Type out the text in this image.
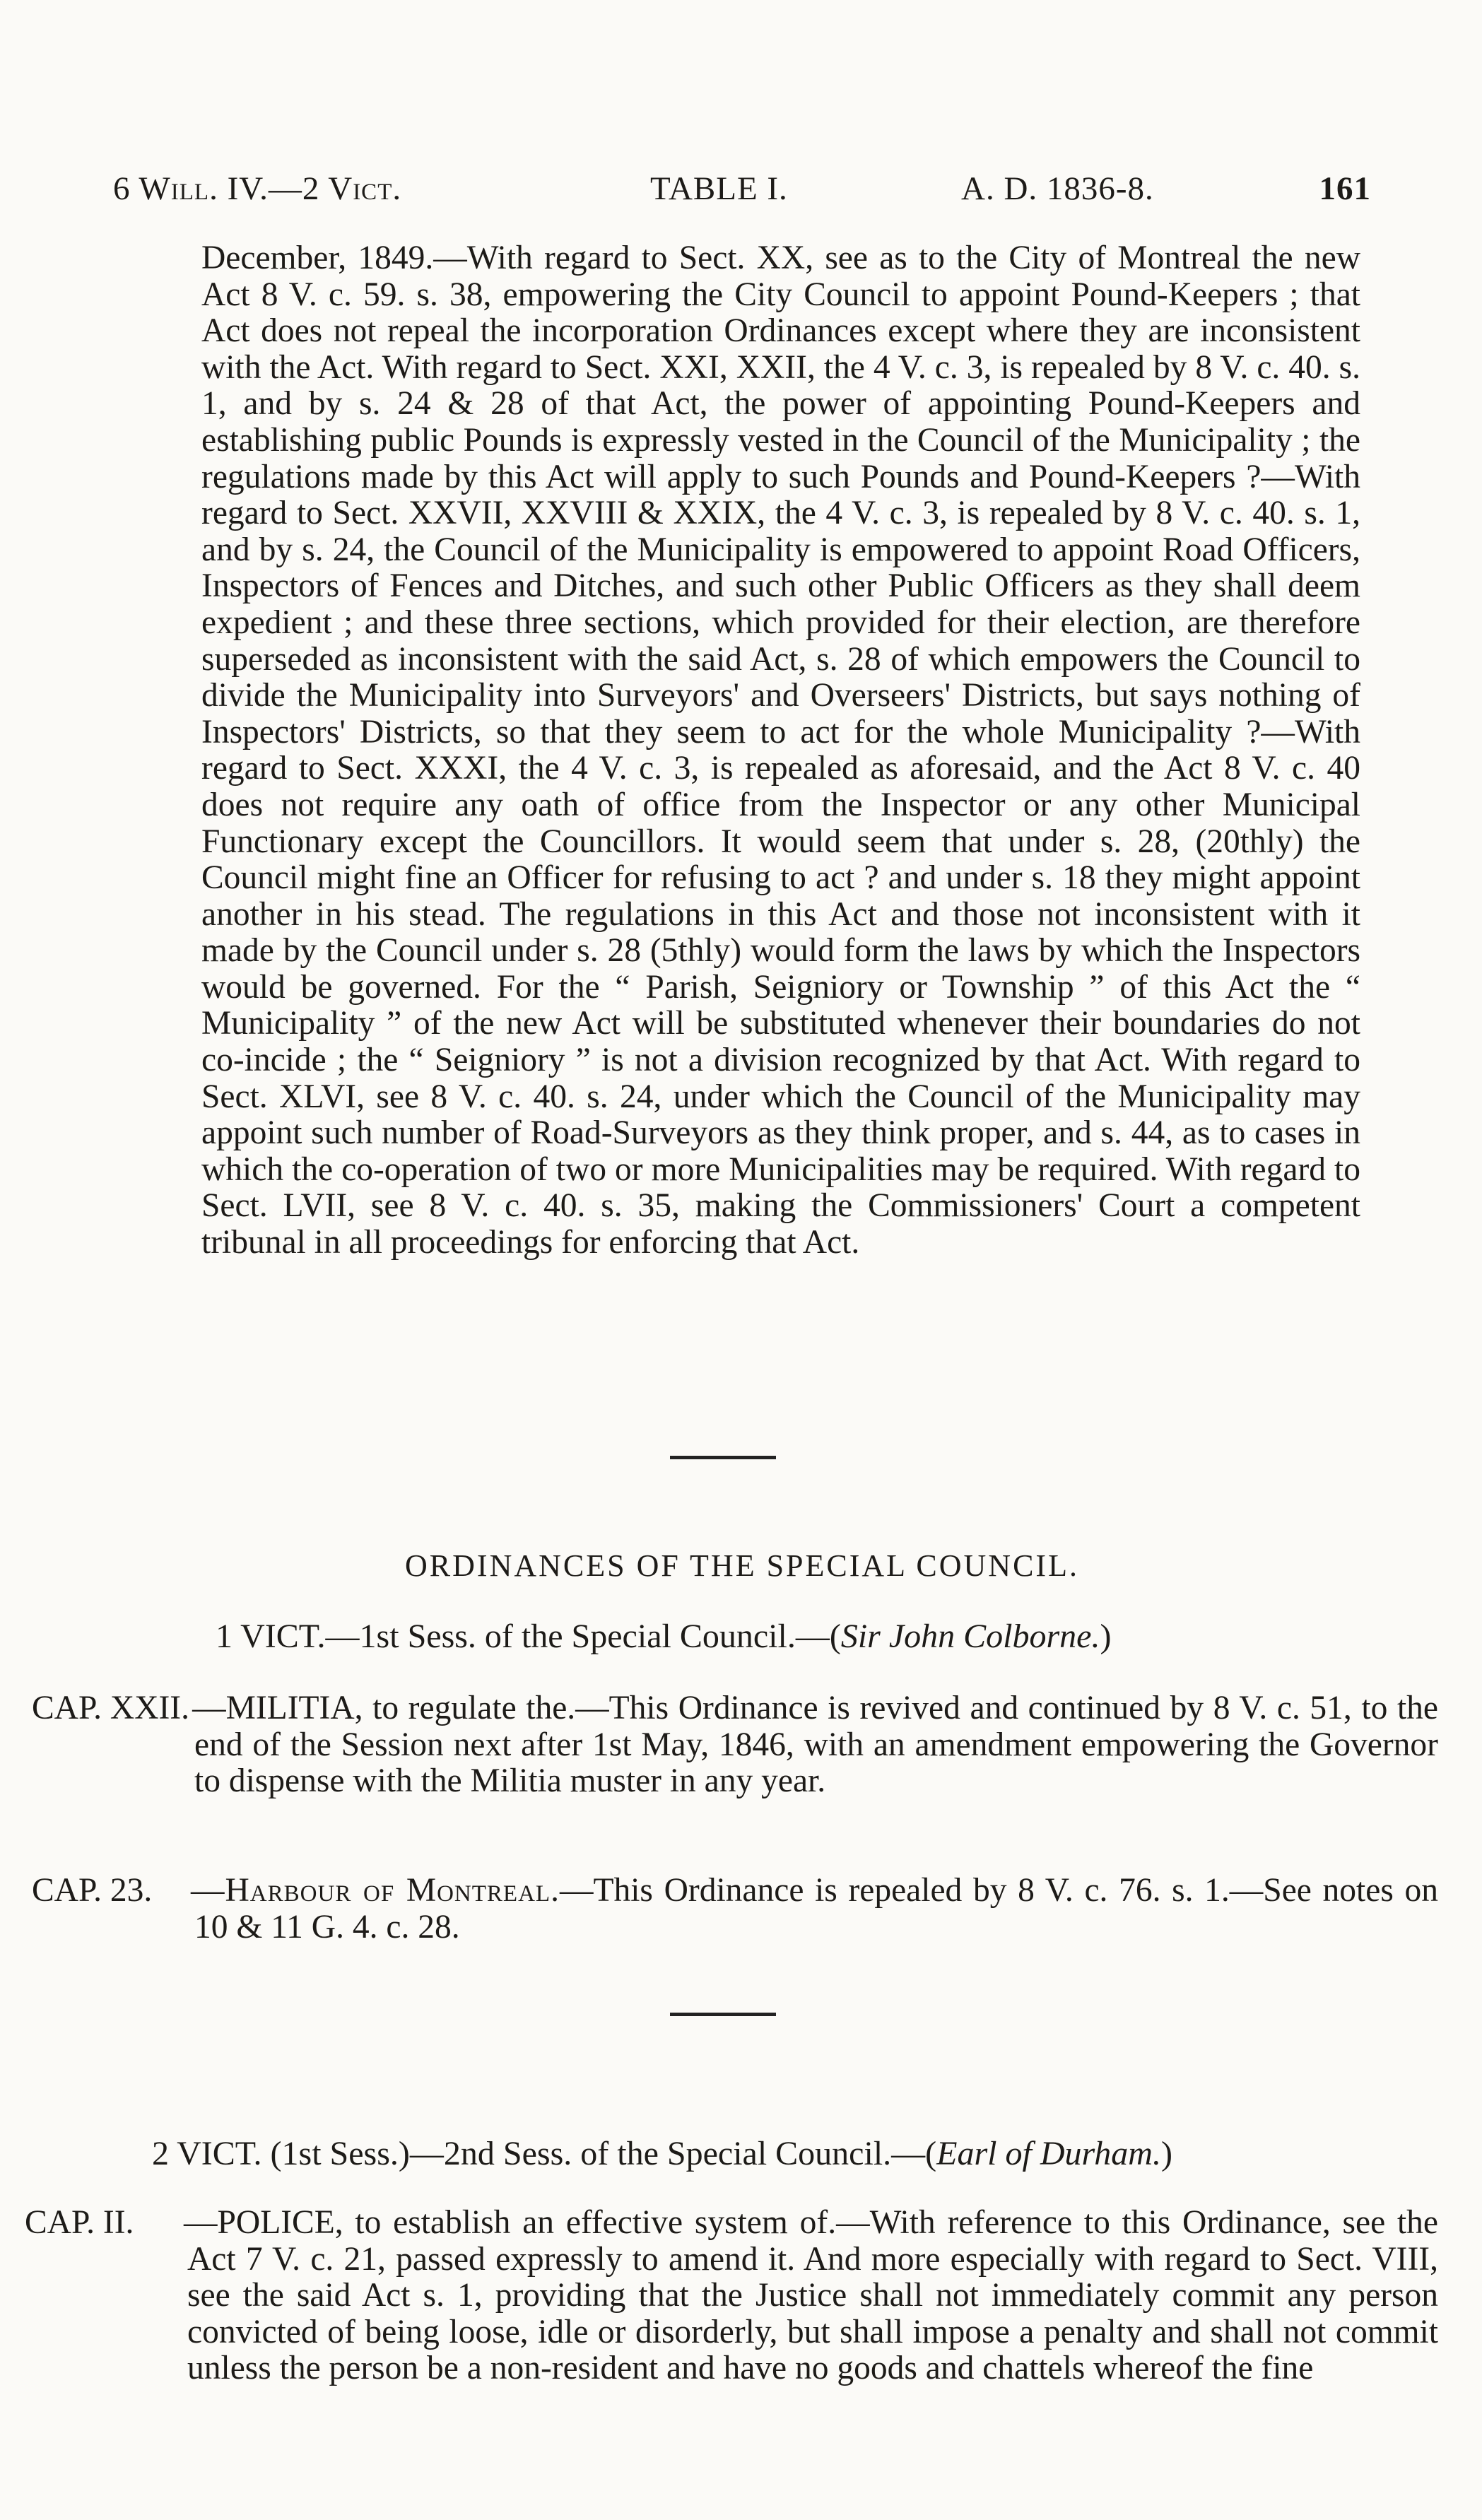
6 Will. IV.—2 Vict.	TABLE I.	A. D. 1836-8.	161

December, 1849.—With regard to Sect. XX, see as to the City of Montreal the new Act 8 V. c. 59. s. 38, empowering the City Council to appoint Pound-Keepers ; that Act does not repeal the incorporation Ordinances except where they are inconsistent with the Act. With regard to Sect. XXI, XXII, the 4 V. c. 3, is repealed by 8 V. c. 40. s. 1, and by s. 24 & 28 of that Act, the power of appointing Pound-Keepers and establishing public Pounds is expressly vested in the Council of the Municipality ; the regulations made by this Act will apply to such Pounds and Pound-Keepers ?—With regard to Sect. XXVII, XXVIII & XXIX, the 4 V. c. 3, is repealed by 8 V. c. 40. s. 1, and by s. 24, the Council of the Municipality is empowered to appoint Road Officers, Inspectors of Fences and Ditches, and such other Public Officers as they shall deem expedient ; and these three sections, which provided for their election, are therefore superseded as inconsistent with the said Act, s. 28 of which empowers the Council to divide the Municipality into Surveyors' and Overseers' Districts, but says nothing of Inspectors' Districts, so that they seem to act for the whole Municipality ?—With regard to Sect. XXXI, the 4 V. c. 3, is repealed as aforesaid, and the Act 8 V. c. 40 does not require any oath of office from the Inspector or any other Municipal Functionary except the Councillors. It would seem that under s. 28, (20thly) the Council might fine an Officer for refusing to act ? and under s. 18 they might appoint another in his stead. The regulations in this Act and those not inconsistent with it made by the Council under s. 28 (5thly) would form the laws by which the Inspectors would be governed. For the “ Parish, Seigniory or Township ” of this Act the “ Municipality ” of the new Act will be substituted whenever their boundaries do not co-incide ; the “ Seigniory ” is not a division recognized by that Act. With regard to Sect. XLVI, see 8 V. c. 40. s. 24, under which the Council of the Municipality may appoint such number of Road-Surveyors as they think proper, and s. 44, as to cases in which the co-operation of two or more Municipalities may be required. With regard to Sect. LVII, see 8 V. c. 40. s. 35, making the Commissioners' Court a competent tribunal in all proceedings for enforcing that Act.

ORDINANCES OF THE SPECIAL COUNCIL.
1 VICT.—1st Sess. of the Special Council.—(Sir John Colborne.)

CAP. XXII.—MILITIA, to regulate the.—This Ordinance is revived and continued by 8 V. c. 51, to the end of the Session next after 1st May, 1846, with an amendment empowering the Governor to dispense with the Militia muster in any year.

CAP. 23. —Harbour of Montreal.—This Ordinance is repealed by 8 V. c. 76. s. 1.—See notes on 10 & 11 G. 4. c. 28.

2 VICT. (1st Sess.)—2nd Sess. of the Special Council.—(Earl of Durham.)

CAP. II. —POLICE, to establish an effective system of.—With reference to this Ordinance, see the Act 7 V. c. 21, passed expressly to amend it. And more especially with regard to Sect. VIII, see the said Act s. 1, providing that the Justice shall not immediately commit any person convicted of being loose, idle or disorderly, but shall impose a penalty and shall not commit unless the person be a non-resident and have no goods and chattels whereof the fine
